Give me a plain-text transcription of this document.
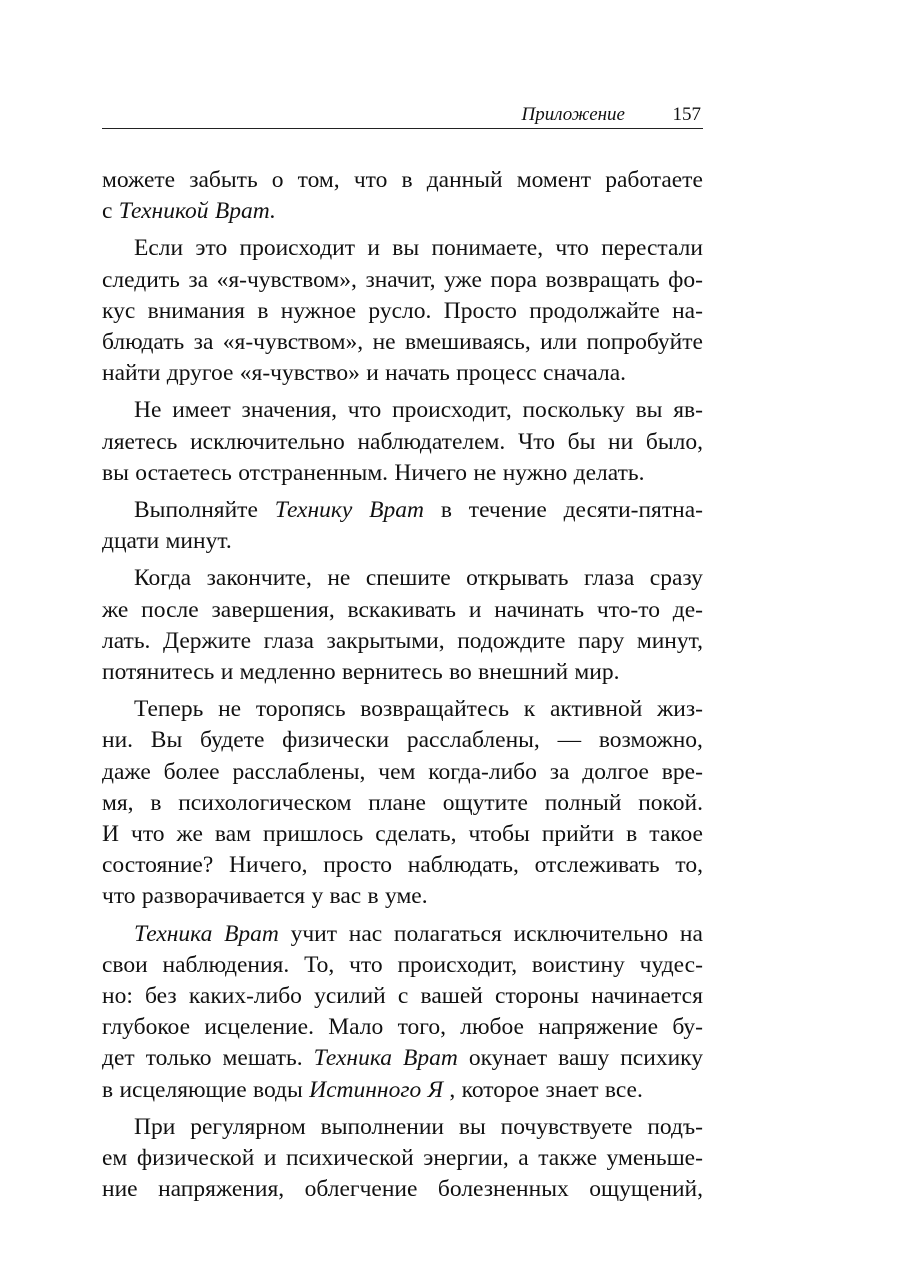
Приложение	157
можете забыть о том, что в данный момент работаете
с Техникой Врат.
Если это происходит и вы понимаете, что перестали
следить за «я-чувством», значит, уже пора возвращать фо-
кус внимания в нужное русло. Просто продолжайте на-
блюдать за «я-чувством», не вмешиваясь, или попробуйте
найти другое «я-чувство» и начать процесс сначала.
Не имеет значения, что происходит, поскольку вы яв-
ляетесь исключительно наблюдателем. Что бы ни было,
вы остаетесь отстраненным. Ничего не нужно делать.
Выполняйте Технику Врат в течение десяти-пятна-
дцати минут.
Когда закончите, не спешите открывать глаза сразу
же после завершения, вскакивать и начинать что-то де-
лать. Держите глаза закрытыми, подождите пару минут,
потянитесь и медленно вернитесь во внешний мир.
Теперь не торопясь возвращайтесь к активной жиз-
ни. Вы будете физически расслаблены, — возможно,
даже более расслаблены, чем когда-либо за долгое вре-
мя, в психологическом плане ощутите полный покой.
И что же вам пришлось сделать, чтобы прийти в такое
состояние? Ничего, просто наблюдать, отслеживать то,
что разворачивается у вас в уме.
Техника Врат учит нас полагаться исключительно на
свои наблюдения. То, что происходит, воистину чудес-
но: без каких-либо усилий с вашей стороны начинается
глубокое исцеление. Мало того, любое напряжение бу-
дет только мешать. Техника Врат окунает вашу психику
в исцеляющие воды Истинного Я , которое знает все.
При регулярном выполнении вы почувствуете подъ-
ем физической и психической энергии, а также уменьше-
ние напряжения, облегчение болезненных ощущений,
